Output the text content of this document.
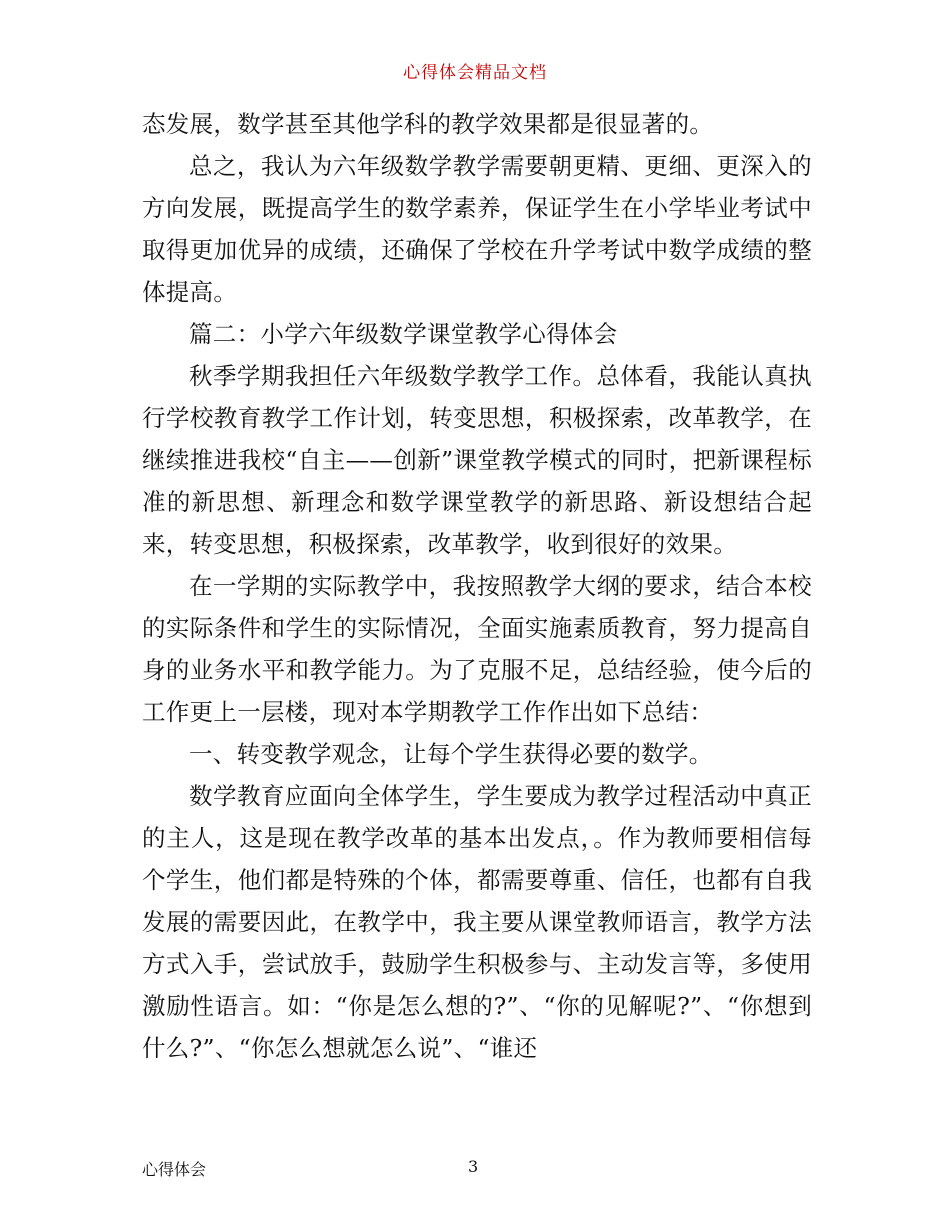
心得体会精品文档

态发展，数学甚至其他学科的教学效果都是很显著的。

总之，我认为六年级数学教学需要朝更精、更细、更深入的方向发展，既提高学生的数学素养，保证学生在小学毕业考试中取得更加优异的成绩，还确保了学校在升学考试中数学成绩的整体提高。

篇二：小学六年级数学课堂教学心得体会

秋季学期我担任六年级数学教学工作。总体看，我能认真执行学校教育教学工作计划，转变思想，积极探索，改革教学，在继续推进我校“自主——创新”课堂教学模式的同时，把新课程标准的新思想、新理念和数学课堂教学的新思路、新设想结合起来，转变思想，积极探索，改革教学，收到很好的效果。

在一学期的实际教学中，我按照教学大纲的要求，结合本校的实际条件和学生的实际情况，全面实施素质教育，努力提高自身的业务水平和教学能力。为了克服不足，总结经验，使今后的工作更上一层楼，现对本学期教学工作作出如下总结：

一、转变教学观念，让每个学生获得必要的数学。

数学教育应面向全体学生，学生要成为教学过程活动中真正的主人，这是现在教学改革的基本出发点，。作为教师要相信每个学生，他们都是特殊的个体，都需要尊重、信任，也都有自我发展的需要因此，在教学中，我主要从课堂教师语言，教学方法方式入手，尝试放手，鼓励学生积极参与、主动发言等，多使用激励性语言。如：“你是怎么想的?”、“你的见解呢?”、“你想到什么?”、“你怎么想就怎么说”、“谁还

心得体会	3
